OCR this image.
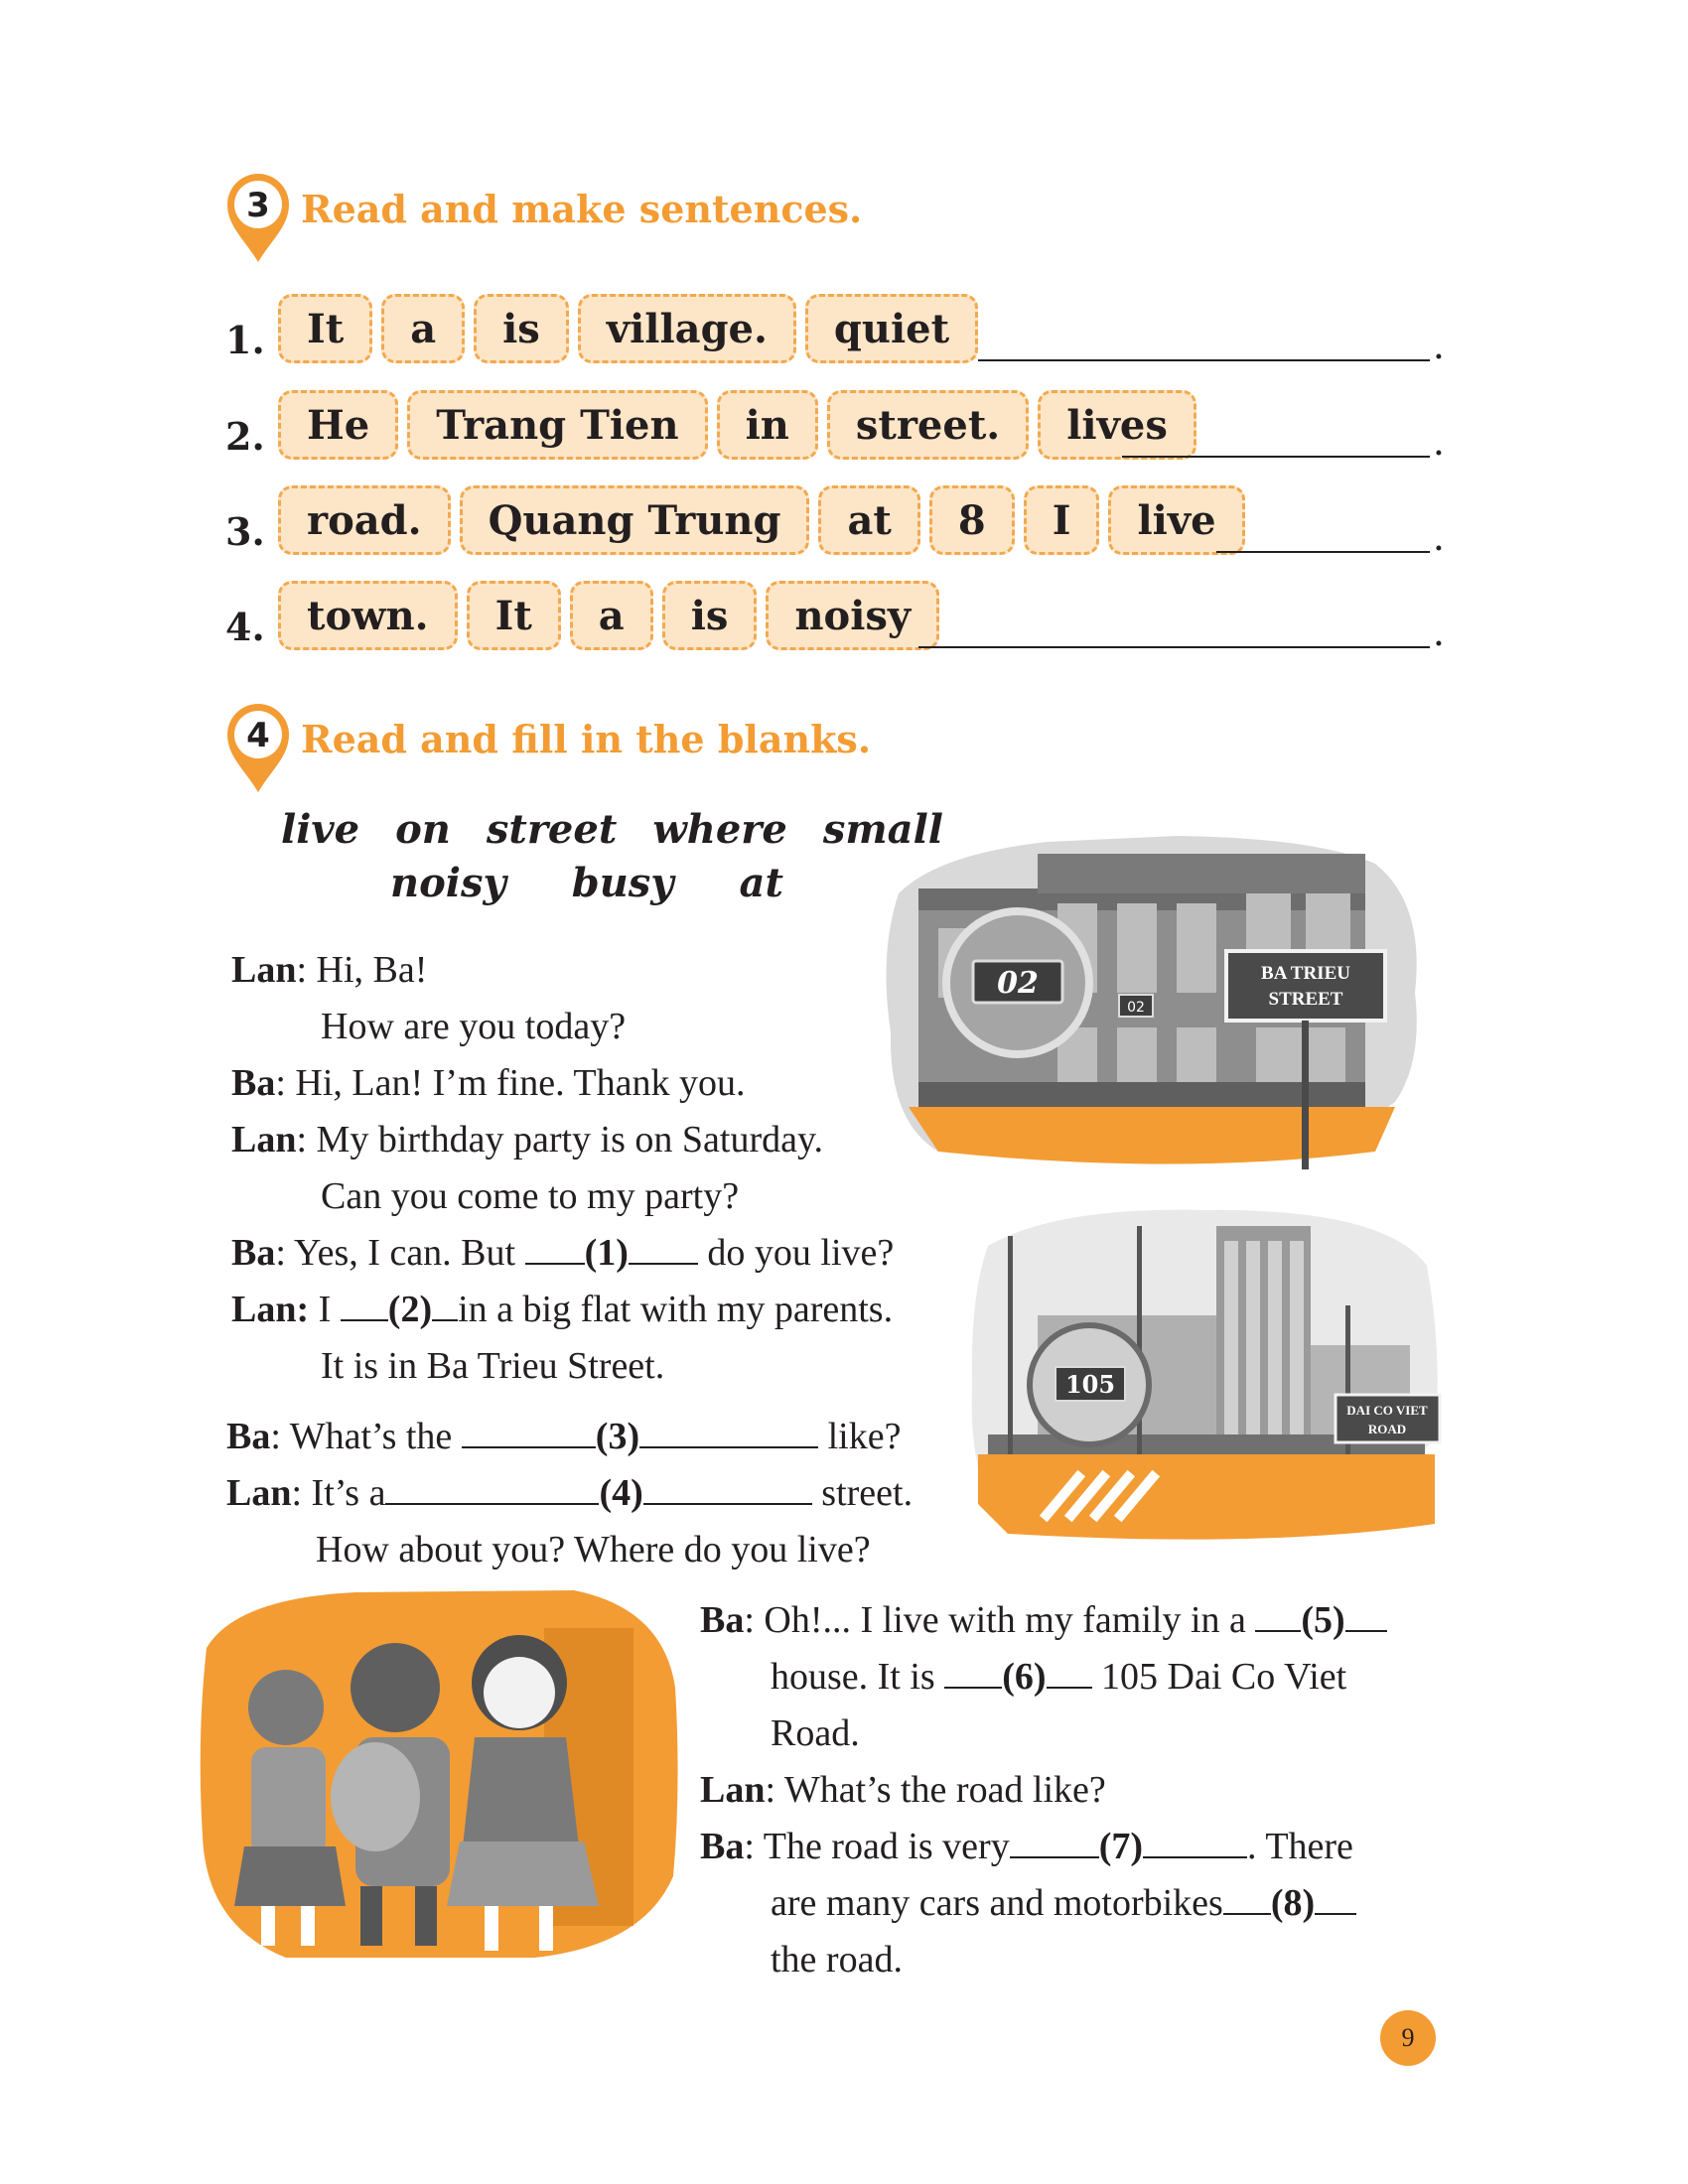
3 Read and make sentences.
1.	It	a	is	village.	quiet	.
2.	He	Trang Tien	in	street.	lives	.
3.	road.	Quang Trung	at	8	I	live	.
4.	town.	It	a	is	noisy	.
4 Read and fill in the blanks.
live on street where small
noisy busy at
02
02
BA TRIEU
STREET
105
DAI CO VIET
ROAD
Lan: Hi, Ba!
How are you today?
Ba: Hi, Lan! I’m fine. Thank you.
Lan: My birthday party is on Saturday.
Can you come to my party?
Ba: Yes, I can. But (1) do you live?
Lan: I (2) in a big flat with my parents.
It is in Ba Trieu Street.
Ba: What’s the	(3)	like?
Lan: It’s a	(4)	street.
How about you? Where do you live?
Ba: Oh!... I live with my family in a (5)
house. It is (6) 105 Dai Co Viet
Road.
Lan: What’s the road like?
Ba: The road is very (7)	. There
are many cars and motorbikes (8)
the road.
9
